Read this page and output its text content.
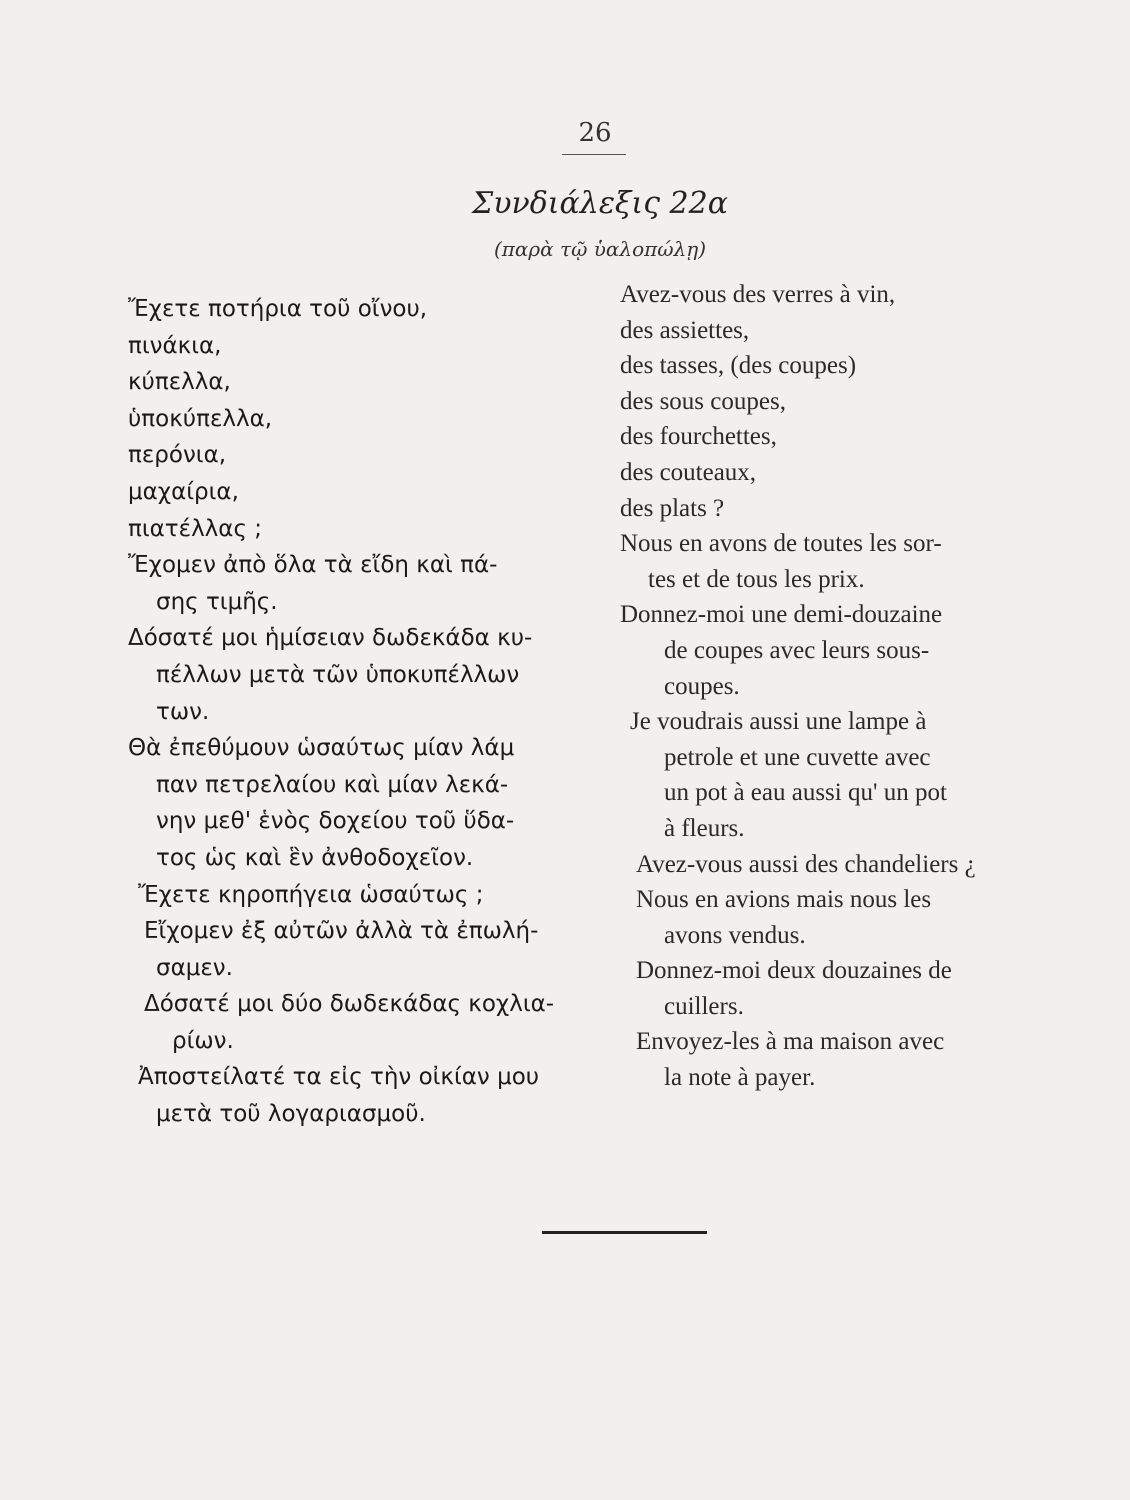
26
Συνδιάλεξις 22α
(παρὰ τῷ ὑαλοπώλῃ)
Ἔχετε ποτήρια τοῦ οἴνου,
πινάκια,
κύπελλα,
ὑποκύπελλα,
περόνια,
μαχαίρια,
πιατέλλας ;
Ἔχομεν ἀπὸ ὅλα τὰ εἴδη καὶ πά-
σης τιμῆς.
Δόσατέ μοι ἡμίσειαν δωδεκάδα κυ-
πέλλων μετὰ τῶν ὑποκυπέλλων
των.
Θὰ ἐπεθύμουν ὡσαύτως μίαν λάμ
παν πετρελαίου καὶ μίαν λεκά-
νην μεθ' ἑνὸς δοχείου τοῦ ὕδα-
τος ὡς καὶ ἓν ἀνθοδοχεῖον.
Ἔχετε κηροπήγεια ὡσαύτως ;
Εἴχομεν ἐξ αὐτῶν ἀλλὰ τὰ ἐπωλή-
σαμεν.
Δόσατέ μοι δύο δωδεκάδας κοχλια-
ρίων.
Ἀποστείλατέ τα εἰς τὴν οἰκίαν μου
μετὰ τοῦ λογαριασμοῦ.
Avez-vous des verres à vin,
des assiettes,
des tasses, (des coupes)
des sous coupes,
des fourchettes,
des couteaux,
des plats ?
Nous en avons de toutes les sor-
tes et de tous les prix.
Donnez-moi une demi-douzaine
de coupes avec leurs sous-
coupes.
Je voudrais aussi une lampe à
petrole et une cuvette avec
un pot à eau aussi qu' un pot
à fleurs.
Avez-vous aussi des chandeliers ¿
Nous en avions mais nous les
avons vendus.
Donnez-moi deux douzaines de
cuillers.
Envoyez-les à ma maison avec
la note à payer.
